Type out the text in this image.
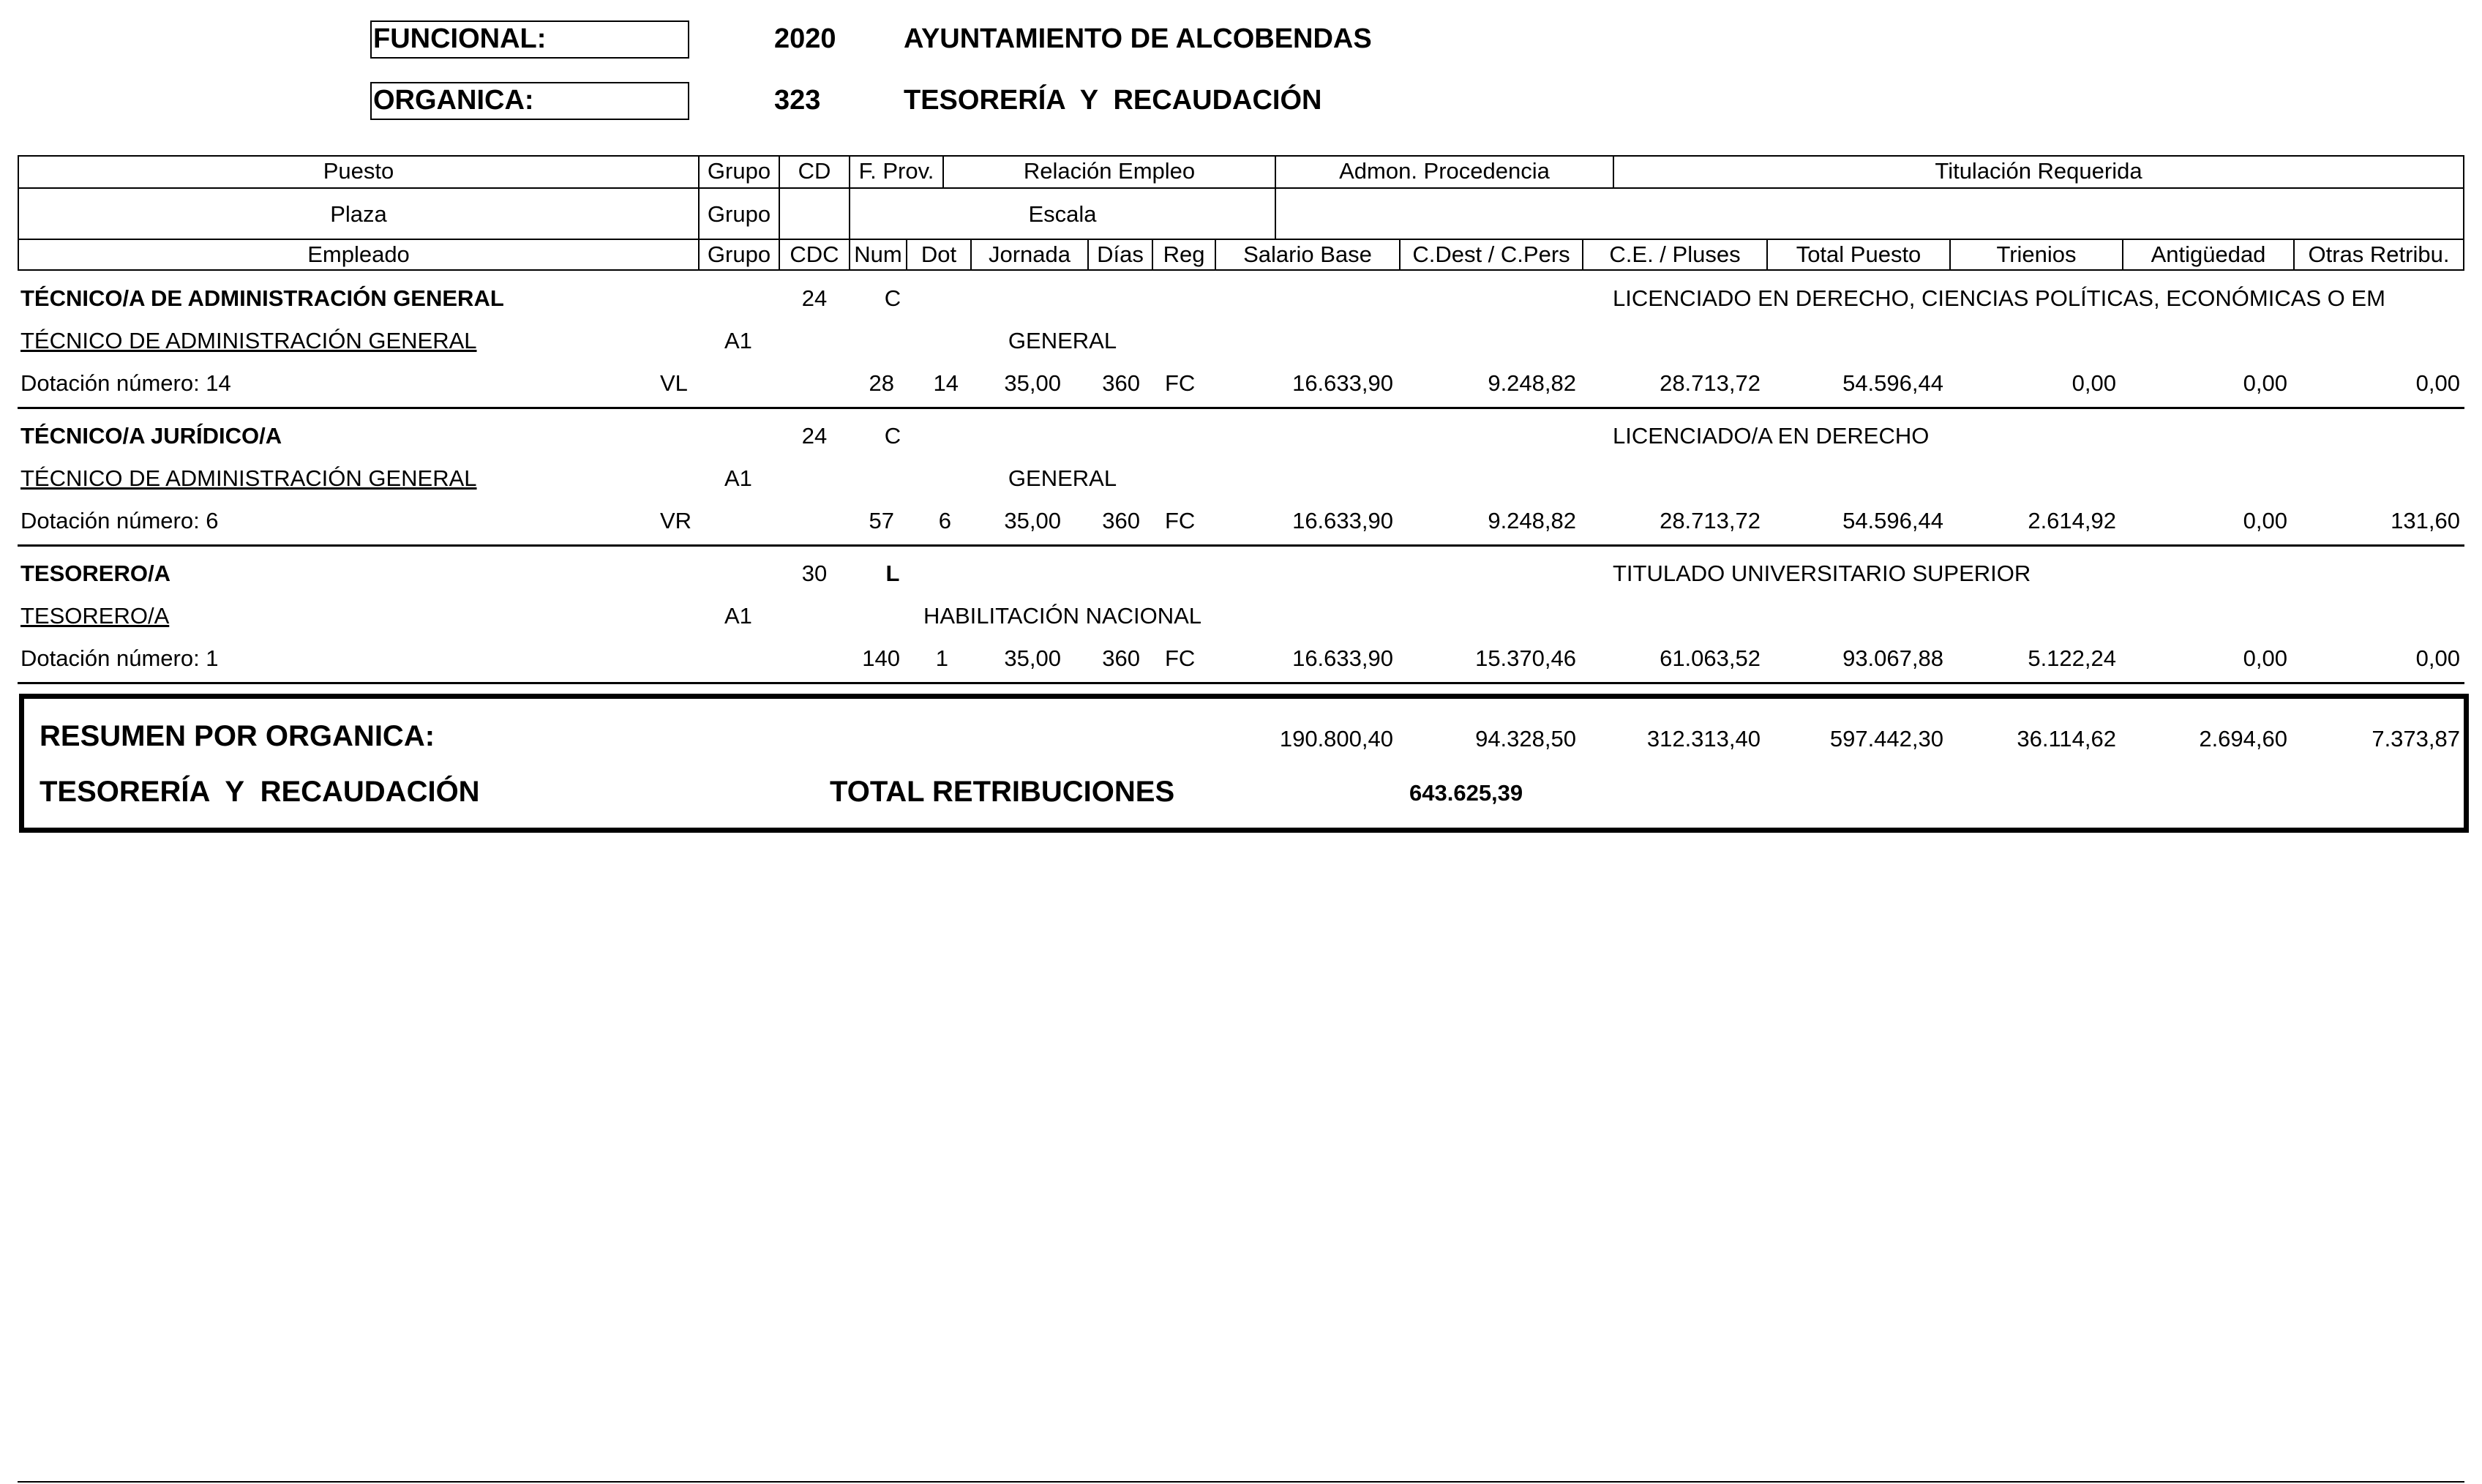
FUNCIONAL:
ORGANICA:
2020
323
AYUNTAMIENTO DE ALCOBENDAS
TESORERÍA  Y  RECAUDACIÓN
Puesto	Grupo	CD	F. Prov.	Relación Empleo	Admon. Procedencia	Titulación Requerida
Plaza	Grupo	Escala
Empleado	Grupo CDC Num Dot	Jornada	Días Reg	Salario Base	C.Dest / C.Pers	C.E. / Pluses	Total Puesto	Trienios	Antigüedad	Otras Retribu.
TÉCNICO/A DE ADMINISTRACIÓN GENERAL	24	C	LICENCIADO EN DERECHO, CIENCIAS POLÍTICAS, ECONÓMICAS O EM
TÉCNICO DE ADMINISTRACIÓN GENERAL	A1	GENERAL
Dotación número: 14	VL	28	14	35,00	360 FC	16.633,90	9.248,82	28.713,72	54.596,44	0,00	0,00	0,00
TÉCNICO/A JURÍDICO/A	24	C	LICENCIADO/A EN DERECHO
TÉCNICO DE ADMINISTRACIÓN GENERAL	A1	GENERAL
Dotación número: 6	VR	57	6	35,00	360 FC	16.633,90	9.248,82	28.713,72	54.596,44	2.614,92	0,00	131,60
TESORERO/A	30	L	TITULADO UNIVERSITARIO SUPERIOR
TESORERO/A	A1	HABILITACIÓN NACIONAL
Dotación número: 1	140	1	35,00	360 FC	16.633,90	15.370,46	61.063,52	93.067,88	5.122,24	0,00	0,00
RESUMEN POR ORGANICA:
TESORERÍA  Y  RECAUDACIÓN	TOTAL RETRIBUCIONES	643.625,39
190.800,40	94.328,50	312.313,40	597.442,30	36.114,62	2.694,60	7.373,87
